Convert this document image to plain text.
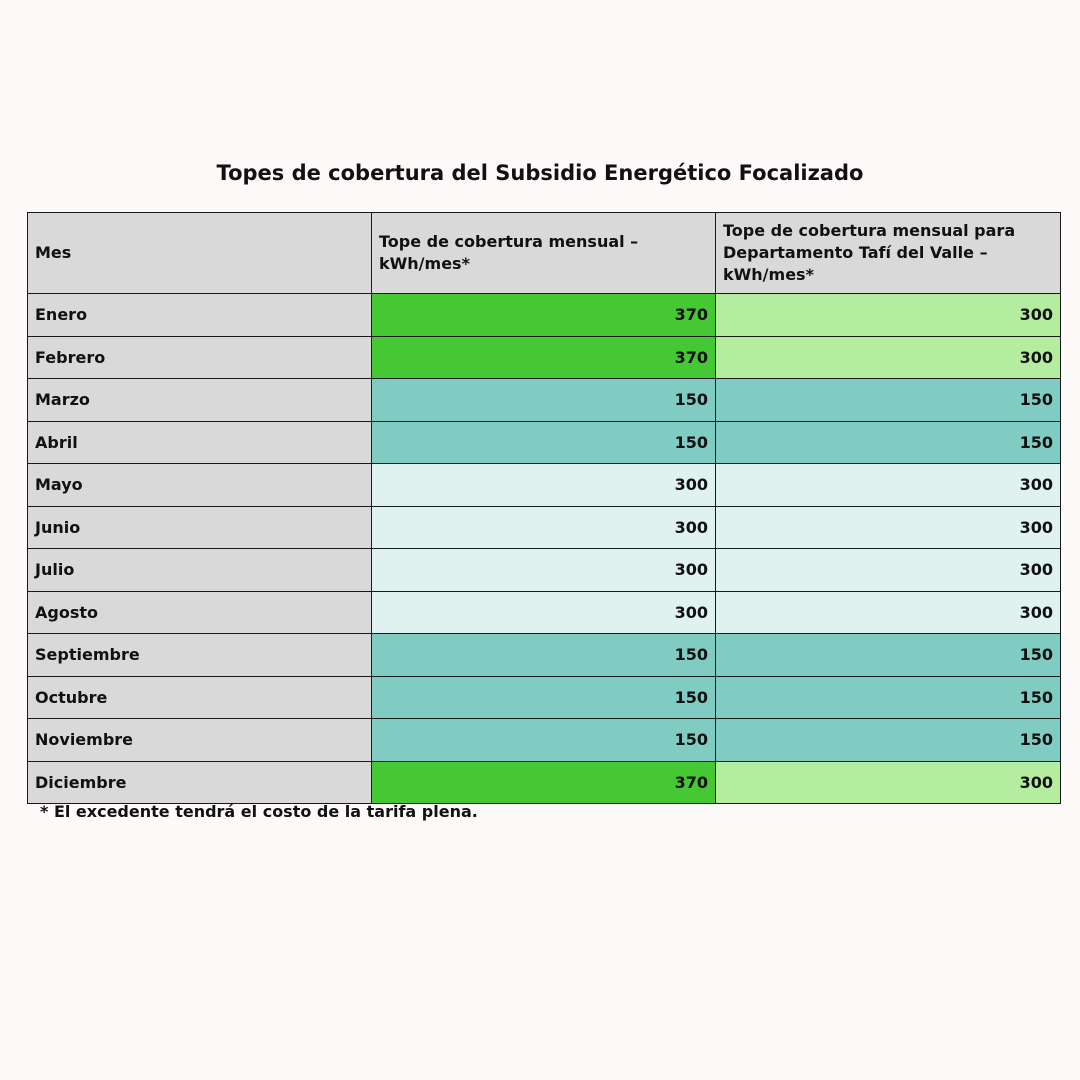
Topes de cobertura del Subsidio Energético Focalizado
Mes	Tope de cobertura mensual – kWh/mes*	Tope de cobertura mensual para Departamento Tafí del Valle – kWh/mes*
Enero	370	300
Febrero	370	300
Marzo	150	150
Abril	150	150
Mayo	300	300
Junio	300	300
Julio	300	300
Agosto	300	300
Septiembre	150	150
Octubre	150	150
Noviembre	150	150
Diciembre	370	300

* El excedente tendrá el costo de la tarifa plena.
